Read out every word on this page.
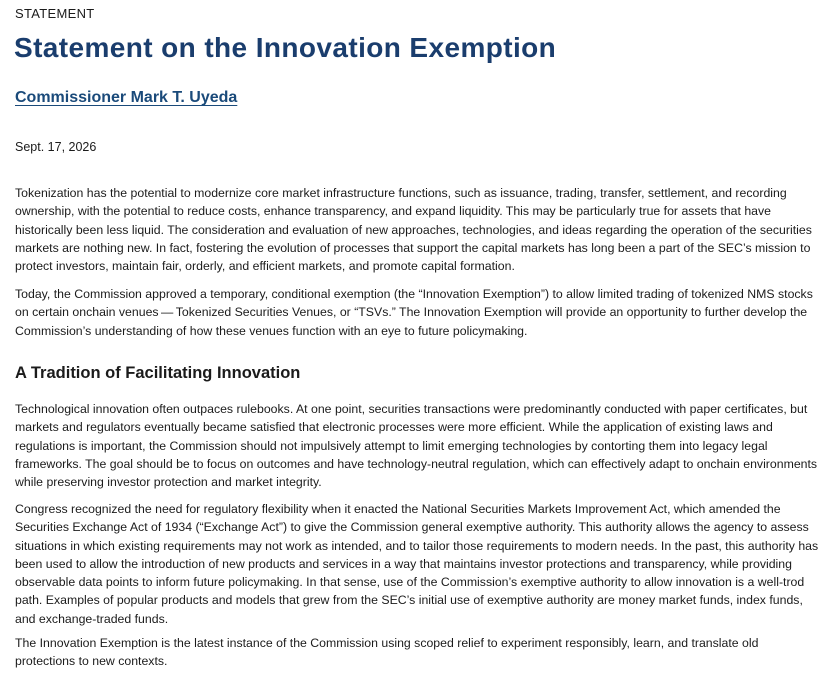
STATEMENT
Statement on the Innovation Exemption
Commissioner Mark T. Uyeda
Sept. 17, 2026

Tokenization has the potential to modernize core market infrastructure functions, such as issuance, trading, transfer, settlement, and recording ownership, with the potential to reduce costs, enhance transparency, and expand liquidity. This may be particularly true for assets that have historically been less liquid. The consideration and evaluation of new approaches, technologies, and ideas regarding the operation of the securities markets are nothing new. In fact, fostering the evolution of processes that support the capital markets has long been a part of the SEC’s mission to protect investors, maintain fair, orderly, and efficient markets, and promote capital formation.

Today, the Commission approved a temporary, conditional exemption (the “Innovation Exemption”) to allow limited trading of tokenized NMS stocks on certain onchain venues — Tokenized Securities Venues, or “TSVs.” The Innovation Exemption will provide an opportunity to further develop the Commission’s understanding of how these venues function with an eye to future policymaking.

A Tradition of Facilitating Innovation

Technological innovation often outpaces rulebooks. At one point, securities transactions were predominantly conducted with paper certificates, but markets and regulators eventually became satisfied that electronic processes were more efficient. While the application of existing laws and regulations is important, the Commission should not impulsively attempt to limit emerging technologies by contorting them into legacy legal frameworks. The goal should be to focus on outcomes and have technology-neutral regulation, which can effectively adapt to onchain environments while preserving investor protection and market integrity.

Congress recognized the need for regulatory flexibility when it enacted the National Securities Markets Improvement Act, which amended the Securities Exchange Act of 1934 (“Exchange Act”) to give the Commission general exemptive authority. This authority allows the agency to assess situations in which existing requirements may not work as intended, and to tailor those requirements to modern needs. In the past, this authority has been used to allow the introduction of new products and services in a way that maintains investor protections and transparency, while providing observable data points to inform future policymaking. In that sense, use of the Commission’s exemptive authority to allow innovation is a well-trod path. Examples of popular products and models that grew from the SEC’s initial use of exemptive authority are money market funds, index funds, and exchange-traded funds.

The Innovation Exemption is the latest instance of the Commission using scoped relief to experiment responsibly, learn, and translate old protections to new contexts.
